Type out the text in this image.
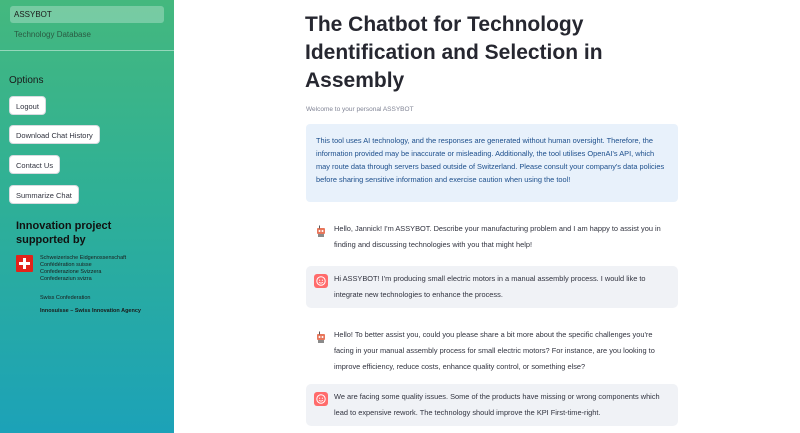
ASSYBOT
Technology Database
Options
Logout
Download Chat History
Contact Us
Summarize Chat
Innovation project supported by
Schweizerische Eidgenossenschaft
Confédération suisse
Confederazione Svizzera
Confederaziun svizra
Swiss Confederation
Innosuisse – Swiss Innovation Agency
The Chatbot for Technology Identification and Selection in Assembly
Welcome to your personal ASSYBOT
This tool uses AI technology, and the responses are generated without human oversight. Therefore, the information provided may be inaccurate or misleading. Additionally, the tool utilises OpenAI's API, which may route data through servers based outside of Switzerland. Please consult your company's data policies before sharing sensitive information and exercise caution when using the tool!
Hello, Jannick! I'm ASSYBOT. Describe your manufacturing problem and I am happy to assist you in finding and discussing technologies with you that might help!
Hi ASSYBOT! I'm producing small electric motors in a manual assembly process. I would like to integrate new technologies to enhance the process.
Hello! To better assist you, could you please share a bit more about the specific challenges you're facing in your manual assembly process for small electric motors? For instance, are you looking to improve efficiency, reduce costs, enhance quality control, or something else?
We are facing some quality issues. Some of the products have missing or wrong components which lead to expensive rework. The technology should improve the KPI First-time-right.
